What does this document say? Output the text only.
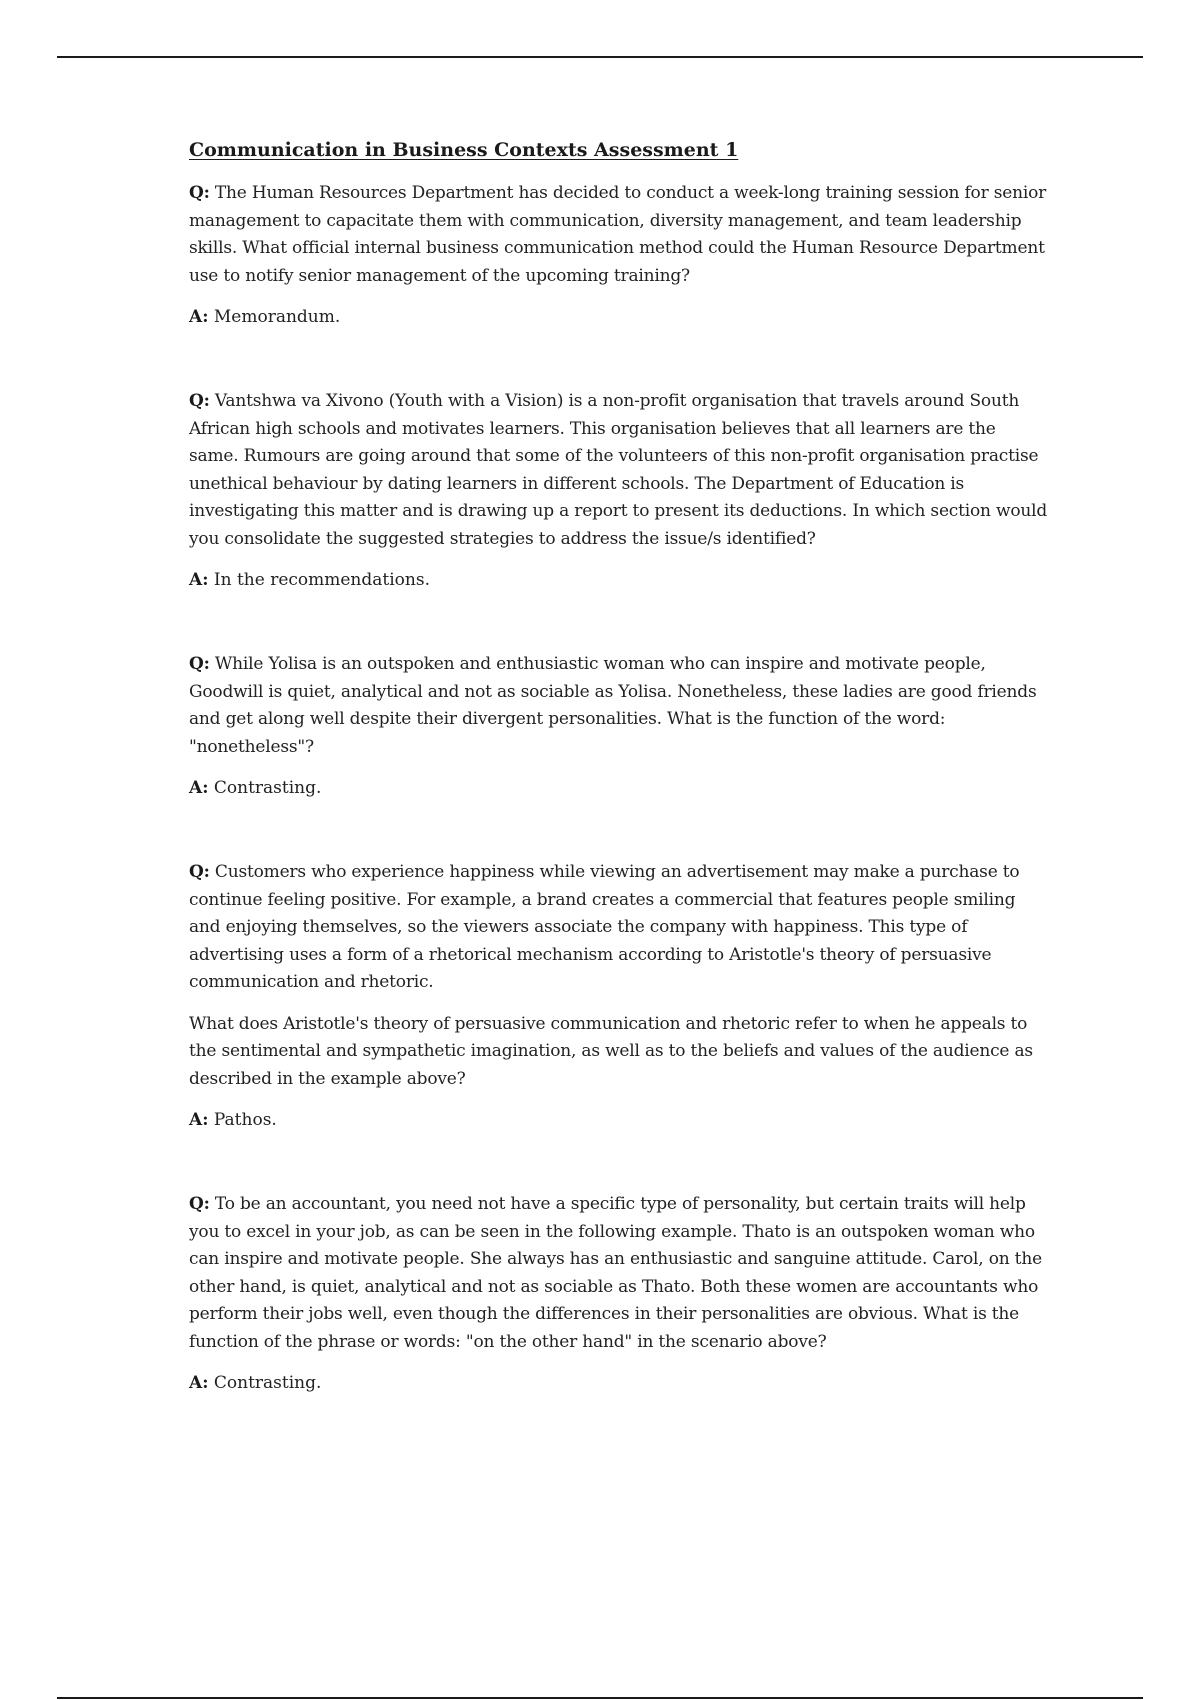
Communication in Business Contexts Assessment 1

Q: The Human Resources Department has decided to conduct a week-long training session for senior management to capacitate them with communication, diversity management, and team leadership skills. What official internal business communication method could the Human Resource Department use to notify senior management of the upcoming training?

A: Memorandum.

Q: Vantshwa va Xivono (Youth with a Vision) is a non-profit organisation that travels around South African high schools and motivates learners. This organisation believes that all learners are the same. Rumours are going around that some of the volunteers of this non-profit organisation practise unethical behaviour by dating learners in different schools. The Department of Education is investigating this matter and is drawing up a report to present its deductions. In which section would you consolidate the suggested strategies to address the issue/s identified?

A: In the recommendations.

Q: While Yolisa is an outspoken and enthusiastic woman who can inspire and motivate people, Goodwill is quiet, analytical and not as sociable as Yolisa. Nonetheless, these ladies are good friends and get along well despite their divergent personalities. What is the function of the word: "nonetheless"?

A: Contrasting.

Q: Customers who experience happiness while viewing an advertisement may make a purchase to continue feeling positive. For example, a brand creates a commercial that features people smiling and enjoying themselves, so the viewers associate the company with happiness. This type of advertising uses a form of a rhetorical mechanism according to Aristotle's theory of persuasive communication and rhetoric.

What does Aristotle's theory of persuasive communication and rhetoric refer to when he appeals to the sentimental and sympathetic imagination, as well as to the beliefs and values of the audience as described in the example above?

A: Pathos.

Q: To be an accountant, you need not have a specific type of personality, but certain traits will help you to excel in your job, as can be seen in the following example. Thato is an outspoken woman who can inspire and motivate people. She always has an enthusiastic and sanguine attitude. Carol, on the other hand, is quiet, analytical and not as sociable as Thato. Both these women are accountants who perform their jobs well, even though the differences in their personalities are obvious. What is the function of the phrase or words: "on the other hand" in the scenario above?

A: Contrasting.
